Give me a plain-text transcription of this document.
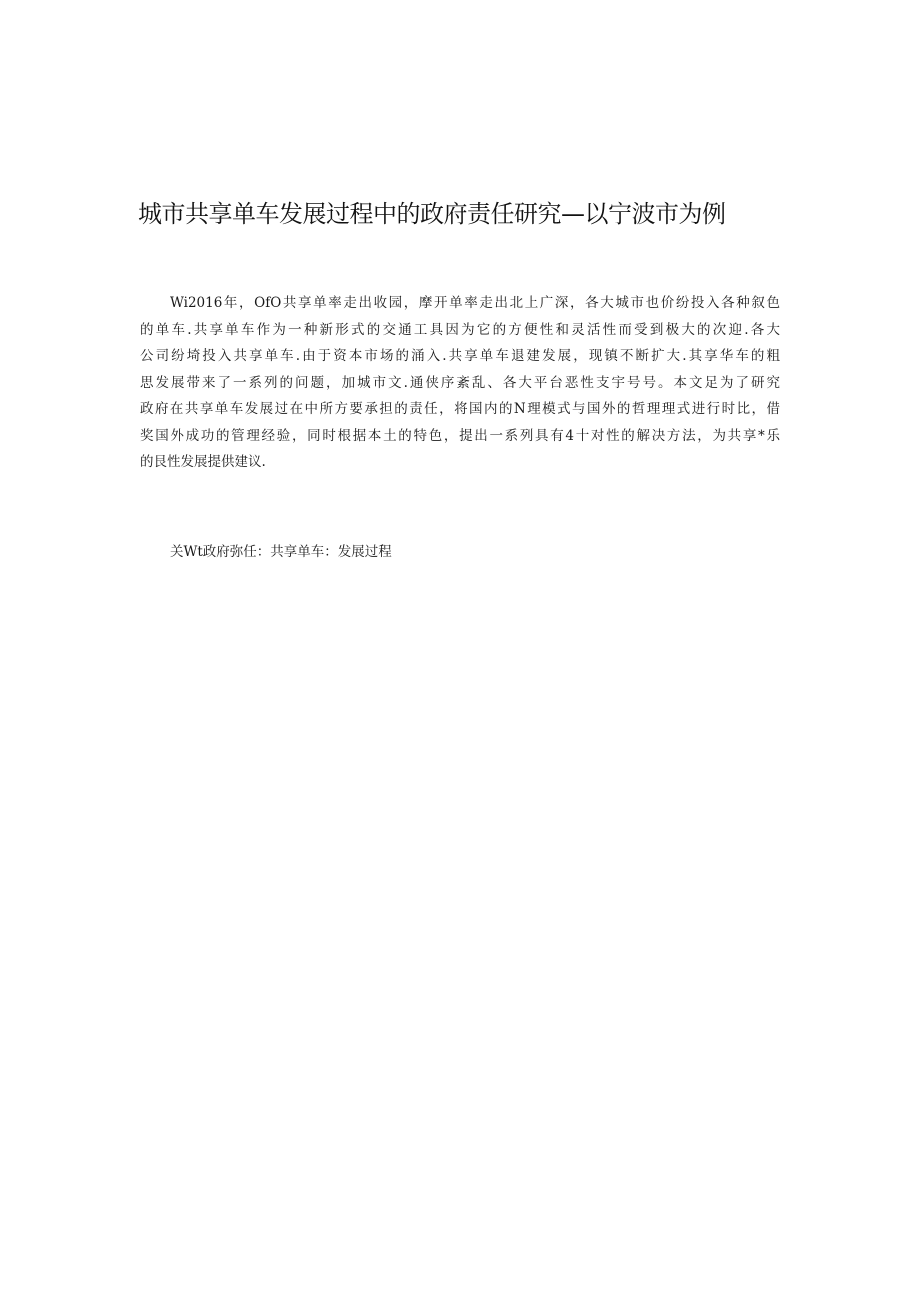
城市共享单车发展过程中的政府责任研究—以宁波市为例
Wi2016年，OfO共享单率走出收园，摩开单率走出北上广深，各大城市也价纷投入各种叙色
的单车.共享单车作为一种新形式的交通工具因为它的方便性和灵活性而受到极大的次迎.各大
公司纷埼投入共享单车.由于资本市场的涌入.共享单车退建发展，现镇不断扩大.其享华车的粗
思发展带来了一系列的问题，加城市文.通侠序紊乱、各大平台恶性支宇号号。本文足为了研究
政府在共享单车发展过在中所方要承担的责任，将国内的N理模式与国外的哲理理式进行时比，借
奖国外成功的管理经验，同时根据本土的特色，提出一系列具有4十对性的解决方法，为共享*乐
的艮性发展提供建议.

关Wt政府弥任：共享单车：发展过程
